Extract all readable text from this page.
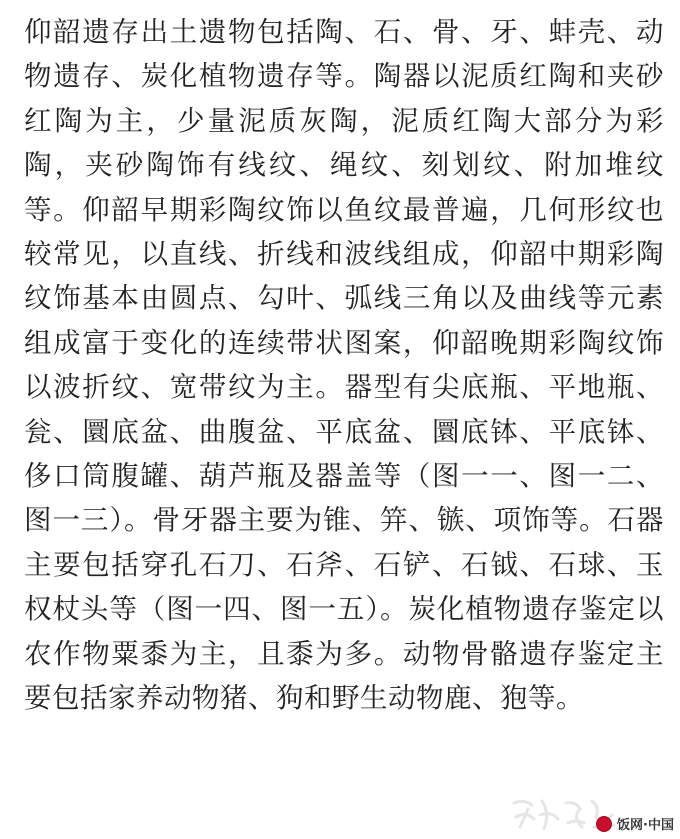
仰韶遗存出土遗物包括陶、石、骨、牙、蚌壳、动物遗存、炭化植物遗存等。陶器以泥质红陶和夹砂红陶为主，少量泥质灰陶，泥质红陶大部分为彩陶，夹砂陶饰有线纹、绳纹、刻划纹、附加堆纹等。仰韶早期彩陶纹饰以鱼纹最普遍，几何形纹也较常见，以直线、折线和波线组成，仰韶中期彩陶纹饰基本由圆点、勾叶、弧线三角以及曲线等元素组成富于变化的连续带状图案，仰韶晚期彩陶纹饰以波折纹、宽带纹为主。器型有尖底瓶、平地瓶、瓮、圜底盆、曲腹盆、平底盆、圜底钵、平底钵、侈口筒腹罐、葫芦瓶及器盖等（图一一、图一二、图一三）。骨牙器主要为锥、笄、镞、项饰等。石器主要包括穿孔石刀、石斧、石铲、石钺、石球、玉权杖头等（图一四、图一五）。炭化植物遗存鉴定以农作物粟黍为主，且黍为多。动物骨骼遗存鉴定主要包括家养动物猪、狗和野生动物鹿、狍等。

饭网·中国
